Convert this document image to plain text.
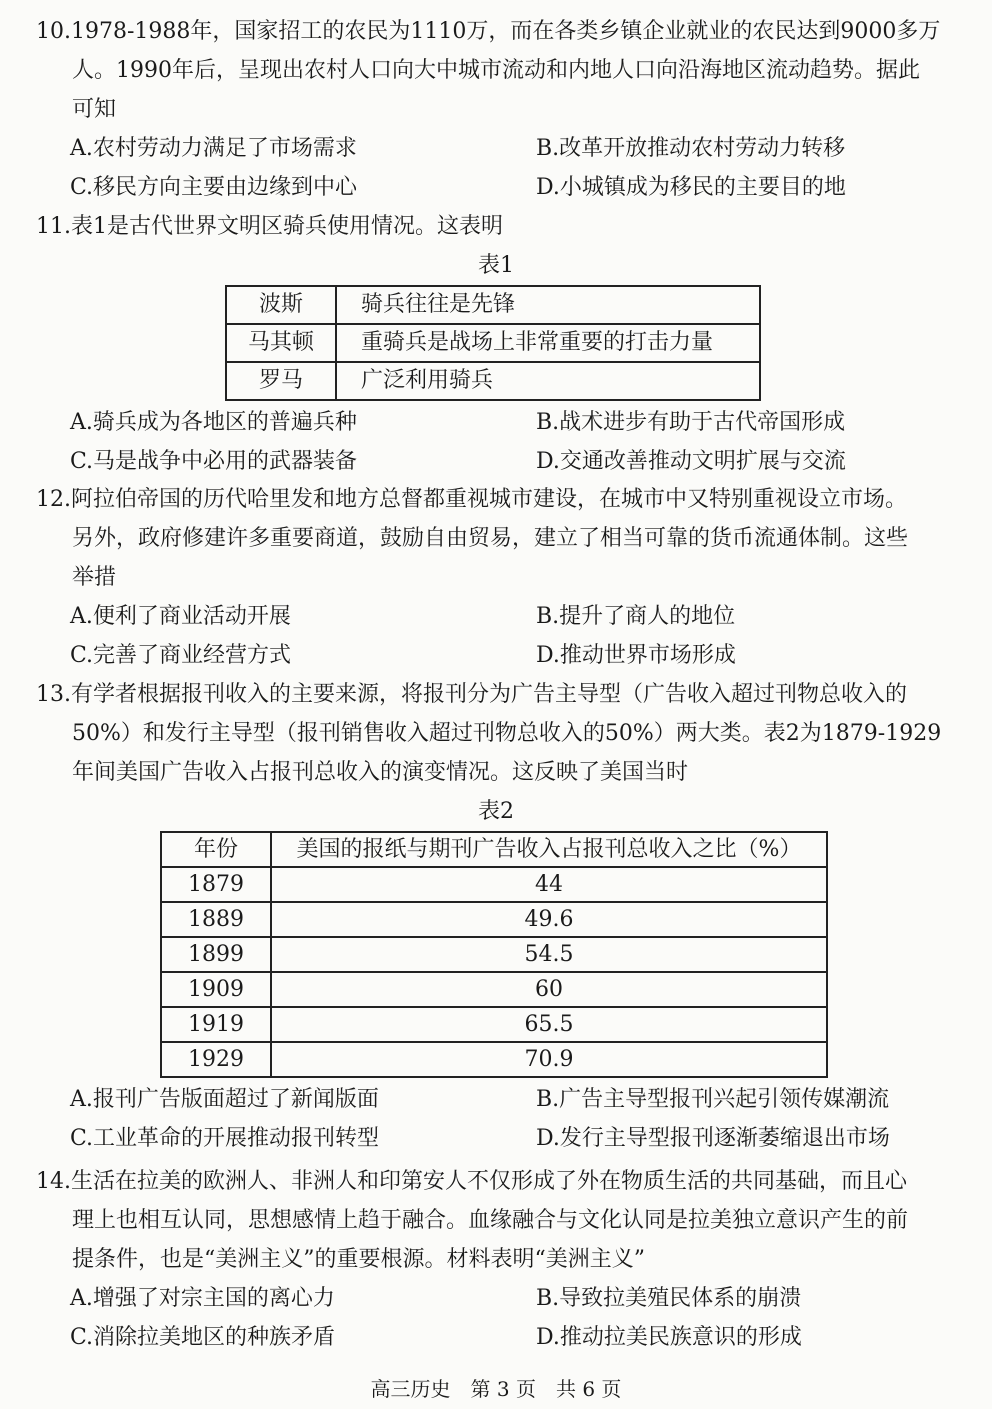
10.1978-1988年，国家招工的农民为1110万，而在各类乡镇企业就业的农民达到9000多万

人。1990年后，呈现出农村人口向大中城市流动和内地人口向沿海地区流动趋势。据此

可知

A.农村劳动力满足了市场需求	B.改革开放推动农村劳动力转移
C.移民方向主要由边缘到中心	D.小城镇成为移民的主要目的地

11.表1是古代世界文明区骑兵使用情况。这表明

表1

波斯	骑兵往往是先锋
马其顿	重骑兵是战场上非常重要的打击力量
罗马	广泛利用骑兵
A.骑兵成为各地区的普遍兵种	B.战术进步有助于古代帝国形成
C.马是战争中必用的武器装备	D.交通改善推动文明扩展与交流

12.阿拉伯帝国的历代哈里发和地方总督都重视城市建设，在城市中又特别重视设立市场。

另外，政府修建许多重要商道，鼓励自由贸易，建立了相当可靠的货币流通体制。这些

举措

A.便利了商业活动开展	B.提升了商人的地位
C.完善了商业经营方式	D.推动世界市场形成

13.有学者根据报刊收入的主要来源，将报刊分为广告主导型（广告收入超过刊物总收入的

50%）和发行主导型（报刊销售收入超过刊物总收入的50%）两大类。表2为1879-1929

年间美国广告收入占报刊总收入的演变情况。这反映了美国当时

表2

年份	美国的报纸与期刊广告收入占报刊总收入之比（%）
1879	44
1889	49.6
1899	54.5
1909	60
1919	65.5
1929	70.9
A.报刊广告版面超过了新闻版面	B.广告主导型报刊兴起引领传媒潮流
C.工业革命的开展推动报刊转型	D.发行主导型报刊逐渐萎缩退出市场

14.生活在拉美的欧洲人、非洲人和印第安人不仅形成了外在物质生活的共同基础，而且心

理上也相互认同，思想感情上趋于融合。血缘融合与文化认同是拉美独立意识产生的前

提条件，也是“美洲主义”的重要根源。材料表明“美洲主义”

A.增强了对宗主国的离心力	B.导致拉美殖民体系的崩溃
C.消除拉美地区的种族矛盾	D.推动拉美民族意识的形成
高三历史　第 3 页　共 6 页
